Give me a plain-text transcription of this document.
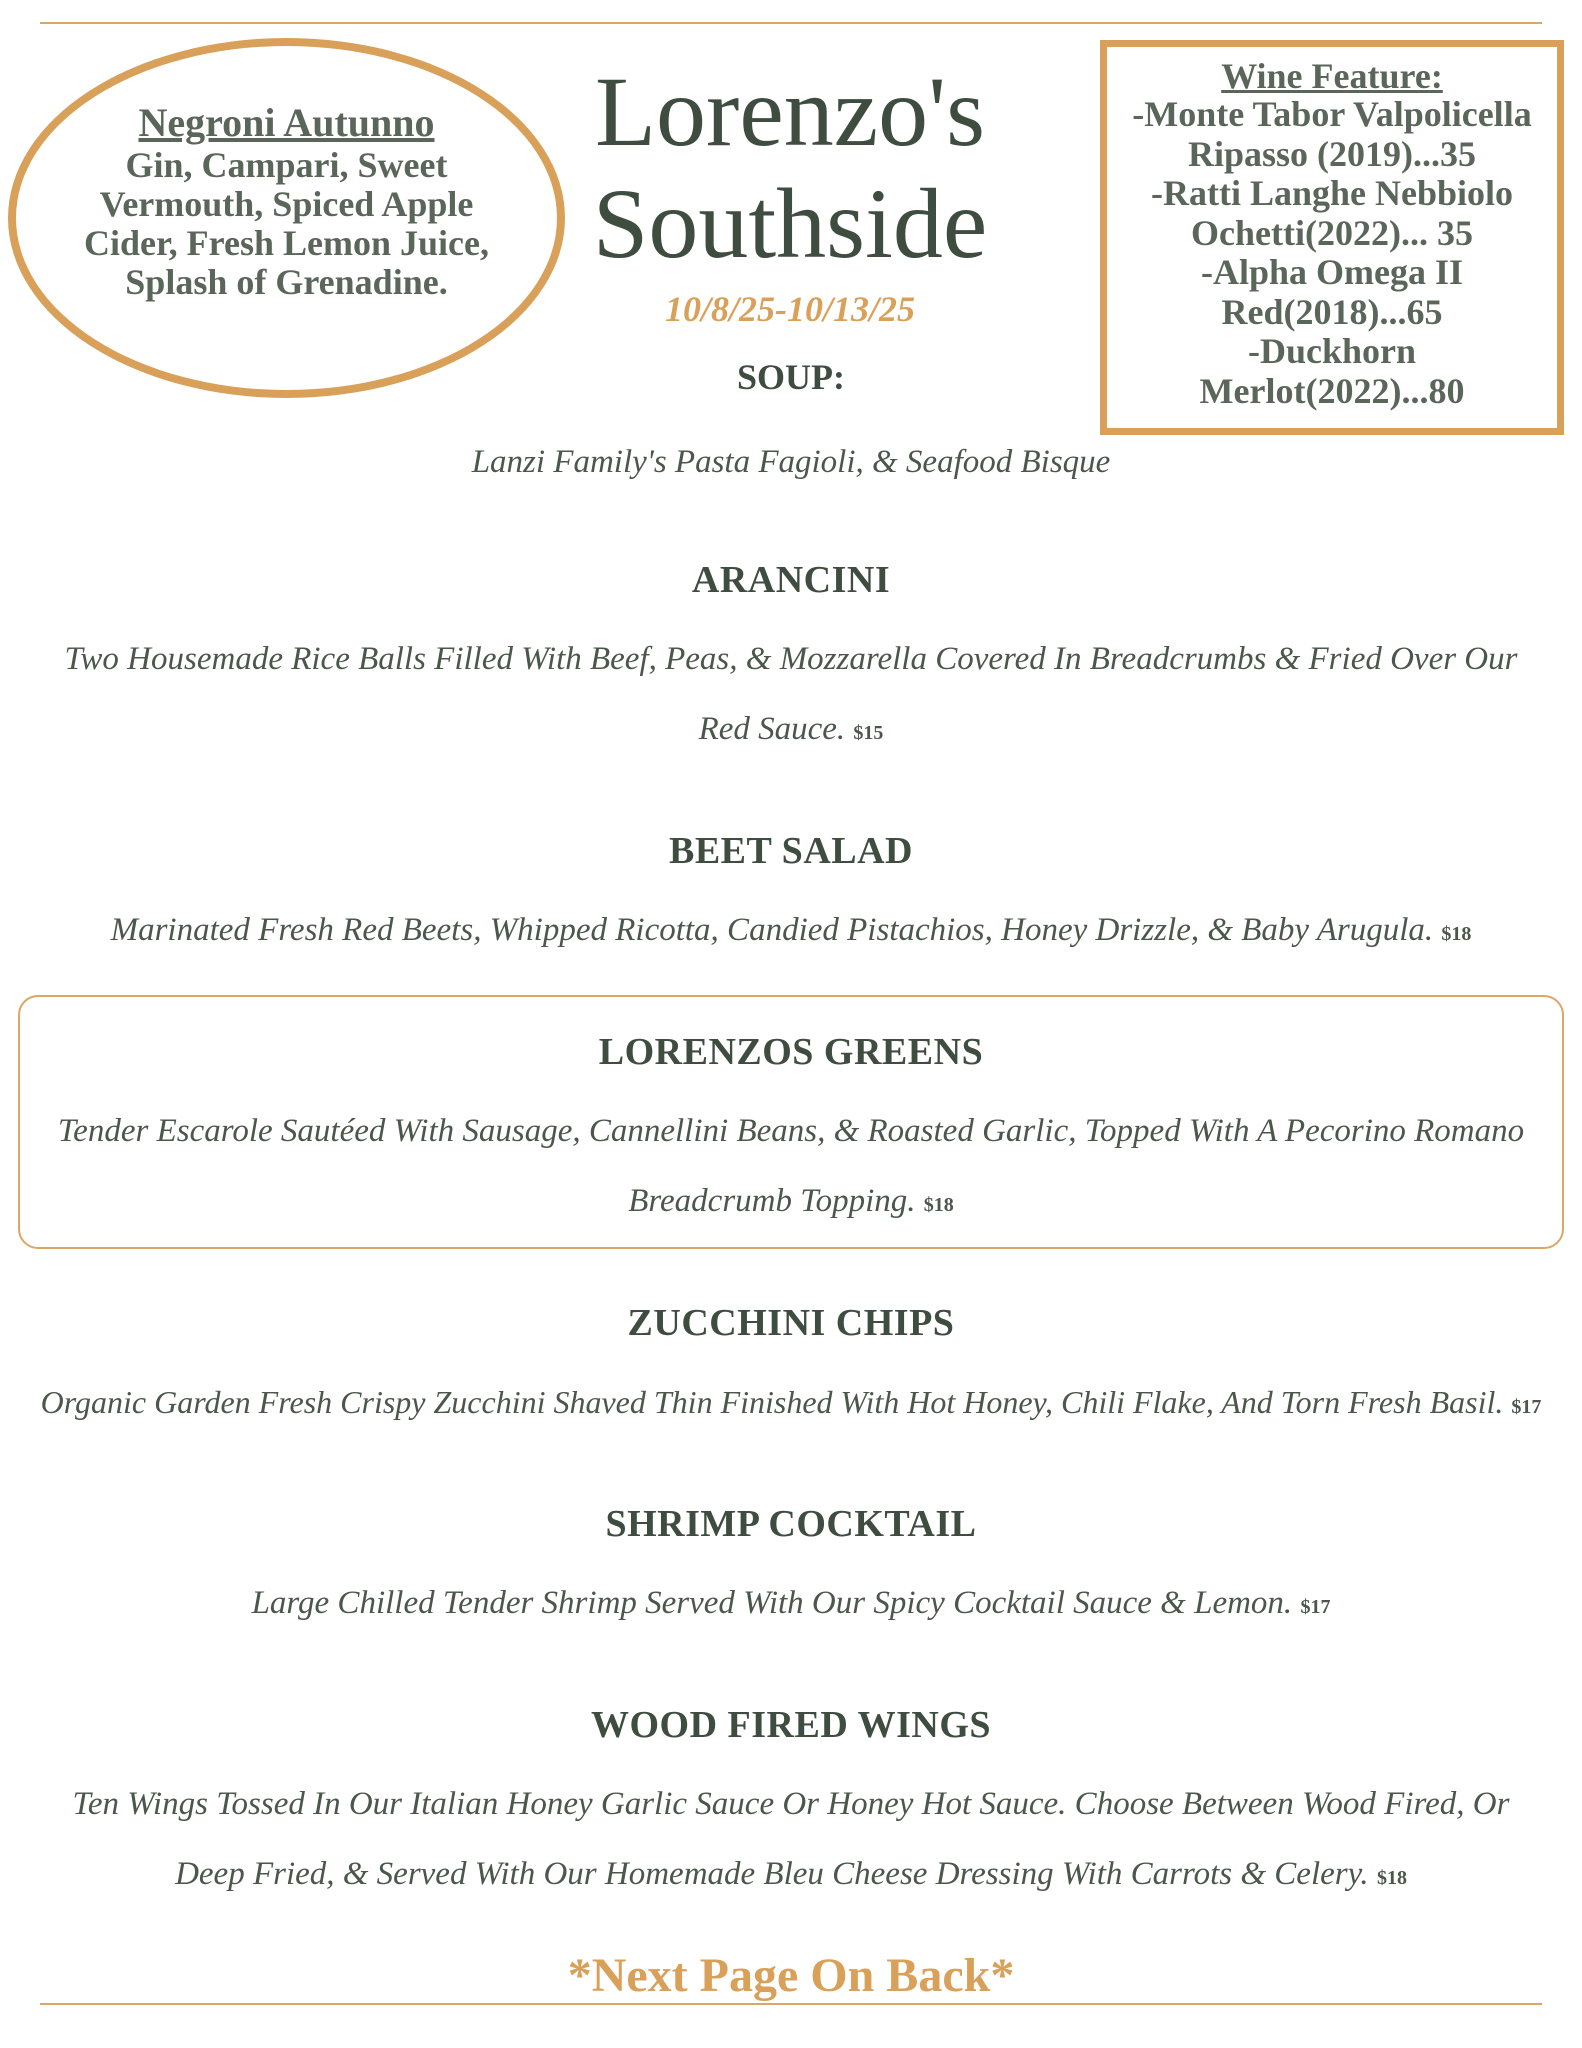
Negroni Autunno
Gin, Campari, Sweet Vermouth, Spiced Apple Cider, Fresh Lemon Juice, Splash of Grenadine.
Lorenzo's
Southside
10/8/25-10/13/25
Wine Feature:
-Monte Tabor Valpolicella
Ripasso (2019)...35
-Ratti Langhe Nebbiolo
Ochetti(2022)... 35
-Alpha Omega II
Red(2018)...65
-Duckhorn
Merlot(2022)...80
SOUP:
Lanzi Family's Pasta Fagioli, & Seafood Bisque
ARANCINI
Two Housemade Rice Balls Filled With Beef, Peas, & Mozzarella Covered In Breadcrumbs & Fried Over Our Red Sauce. $15
BEET SALAD
Marinated Fresh Red Beets, Whipped Ricotta, Candied Pistachios, Honey Drizzle, & Baby Arugula. $18
LORENZOS GREENS
Tender Escarole Sautéed With Sausage, Cannellini Beans, & Roasted Garlic, Topped With A Pecorino Romano Breadcrumb Topping. $18
ZUCCHINI CHIPS
Organic Garden Fresh Crispy Zucchini Shaved Thin Finished With Hot Honey, Chili Flake, And Torn Fresh Basil. $17
SHRIMP COCKTAIL
Large Chilled Tender Shrimp Served With Our Spicy Cocktail Sauce & Lemon. $17
WOOD FIRED WINGS
Ten Wings Tossed In Our Italian Honey Garlic Sauce Or Honey Hot Sauce. Choose Between Wood Fired, Or Deep Fried, & Served With Our Homemade Bleu Cheese Dressing With Carrots & Celery. $18
*Next Page On Back*
